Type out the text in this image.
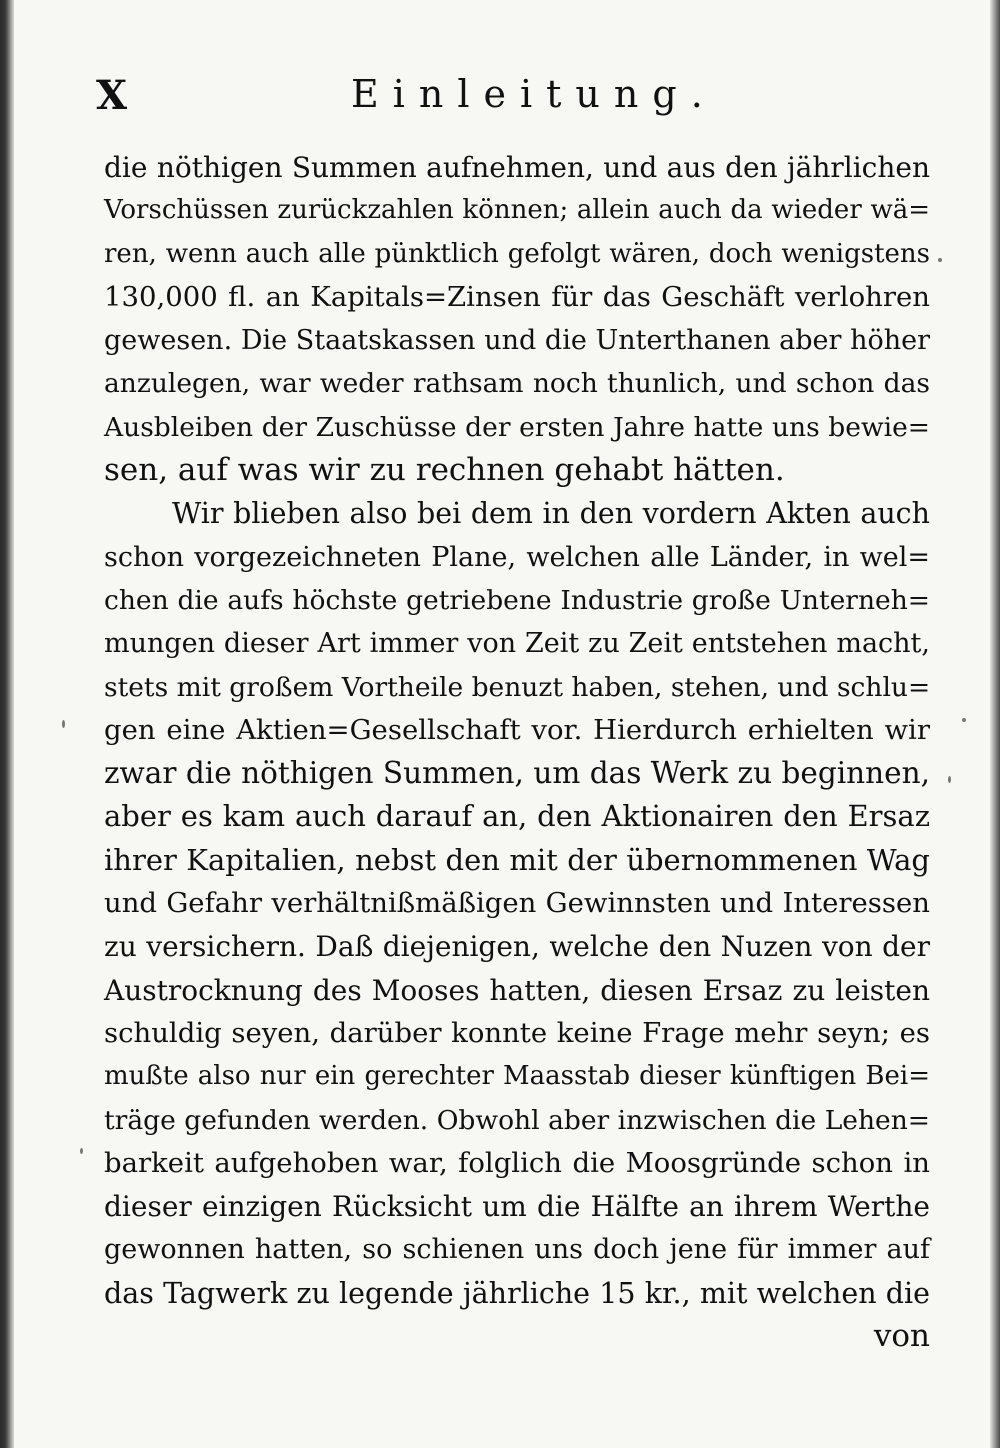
X	Einleitung.
die nöthigen Summen aufnehmen, und aus den jährlichen
Vorschüssen zurückzahlen können; allein auch da wieder wä=
ren, wenn auch alle pünktlich gefolgt wären, doch wenigstens
130,000 fl. an Kapitals=Zinsen für das Geschäft verlohren
gewesen. Die Staatskassen und die Unterthanen aber höher
anzulegen, war weder rathsam noch thunlich, und schon das
Ausbleiben der Zuschüsse der ersten Jahre hatte uns bewie=
sen, auf was wir zu rechnen gehabt hätten.
Wir blieben also bei dem in den vordern Akten auch
schon vorgezeichneten Plane, welchen alle Länder, in wel=
chen die aufs höchste getriebene Industrie große Unterneh=
mungen dieser Art immer von Zeit zu Zeit entstehen macht,
stets mit großem Vortheile benuzt haben, stehen, und schlu=
gen eine Aktien=Gesellschaft vor. Hierdurch erhielten wir
zwar die nöthigen Summen, um das Werk zu beginnen,
aber es kam auch darauf an, den Aktionairen den Ersaz
ihrer Kapitalien, nebst den mit der übernommenen Wag
und Gefahr verhältnißmäßigen Gewinnsten und Interessen
zu versichern. Daß diejenigen, welche den Nuzen von der
Austrocknung des Mooses hatten, diesen Ersaz zu leisten
schuldig seyen, darüber konnte keine Frage mehr seyn; es
mußte also nur ein gerechter Maasstab dieser künftigen Bei=
träge gefunden werden. Obwohl aber inzwischen die Lehen=
barkeit aufgehoben war, folglich die Moosgründe schon in
dieser einzigen Rücksicht um die Hälfte an ihrem Werthe
gewonnen hatten, so schienen uns doch jene für immer auf
das Tagwerk zu legende jährliche 15 kr., mit welchen die
von
